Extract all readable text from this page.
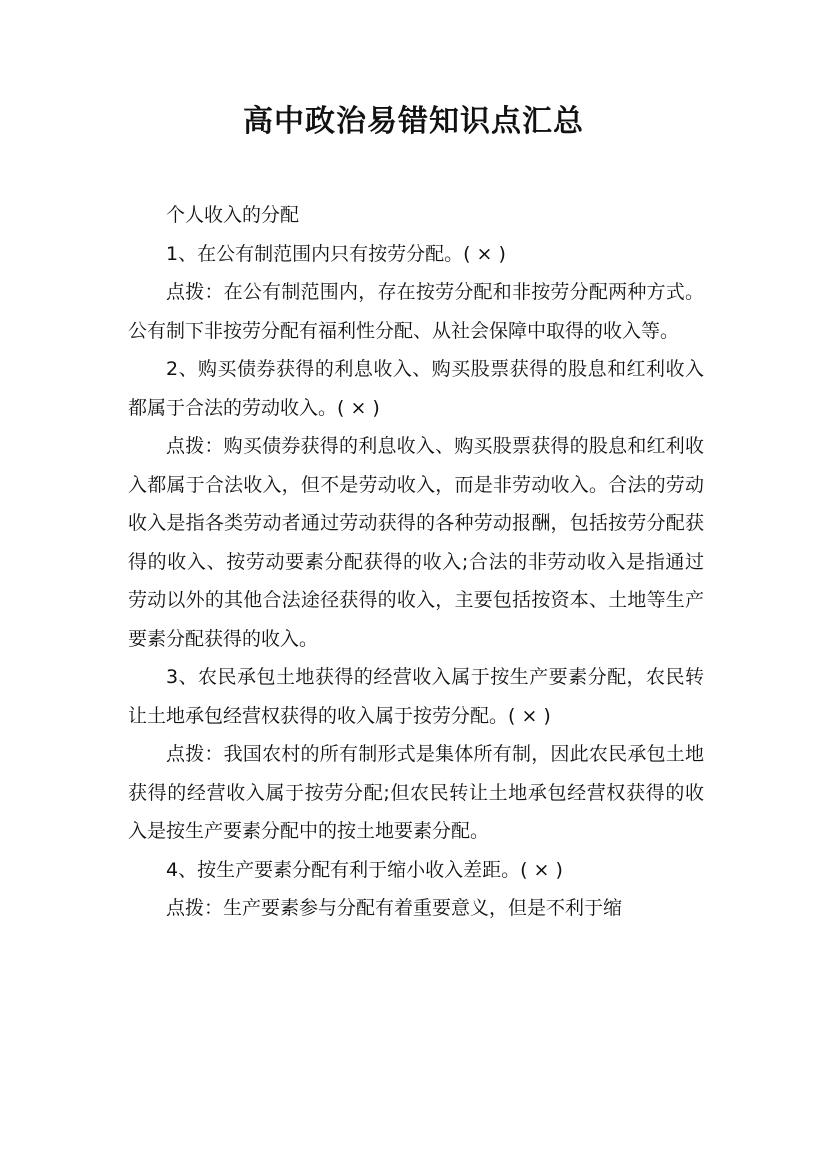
高中政治易错知识点汇总

个人收入的分配

1、在公有制范围内只有按劳分配。( × )

点拨：在公有制范围内，存在按劳分配和非按劳分配两种方式。 公有制下非按劳分配有福利性分配、从社会保障中取得的收入等。

2、购买债券获得的利息收入、购买股票获得的股息和红利收入都属于合法的劳动收入。( × )

点拨：购买债券获得的利息收入、购买股票获得的股息和红利收入都属于合法收入，但不是劳动收入，而是非劳动收入。合法的劳动收入是指各类劳动者通过劳动获得的各种劳动报酬，包括按劳分配获得的收入、按劳动要素分配获得的收入;合法的非劳动收入是指通过劳动以外的其他合法途径获得的收入，主要包括按资本、土地等生产要素分配获得的收入。

3、农民承包土地获得的经营收入属于按生产要素分配，农民转让土地承包经营权获得的收入属于按劳分配。( × )

点拨：我国农村的所有制形式是集体所有制，因此农民承包土地获得的经营收入属于按劳分配;但农民转让土地承包经营权获得的收入是按生产要素分配中的按土地要素分配。

4、按生产要素分配有利于缩小收入差距。( × )

点拨：生产要素参与分配有着重要意义，但是不利于缩
